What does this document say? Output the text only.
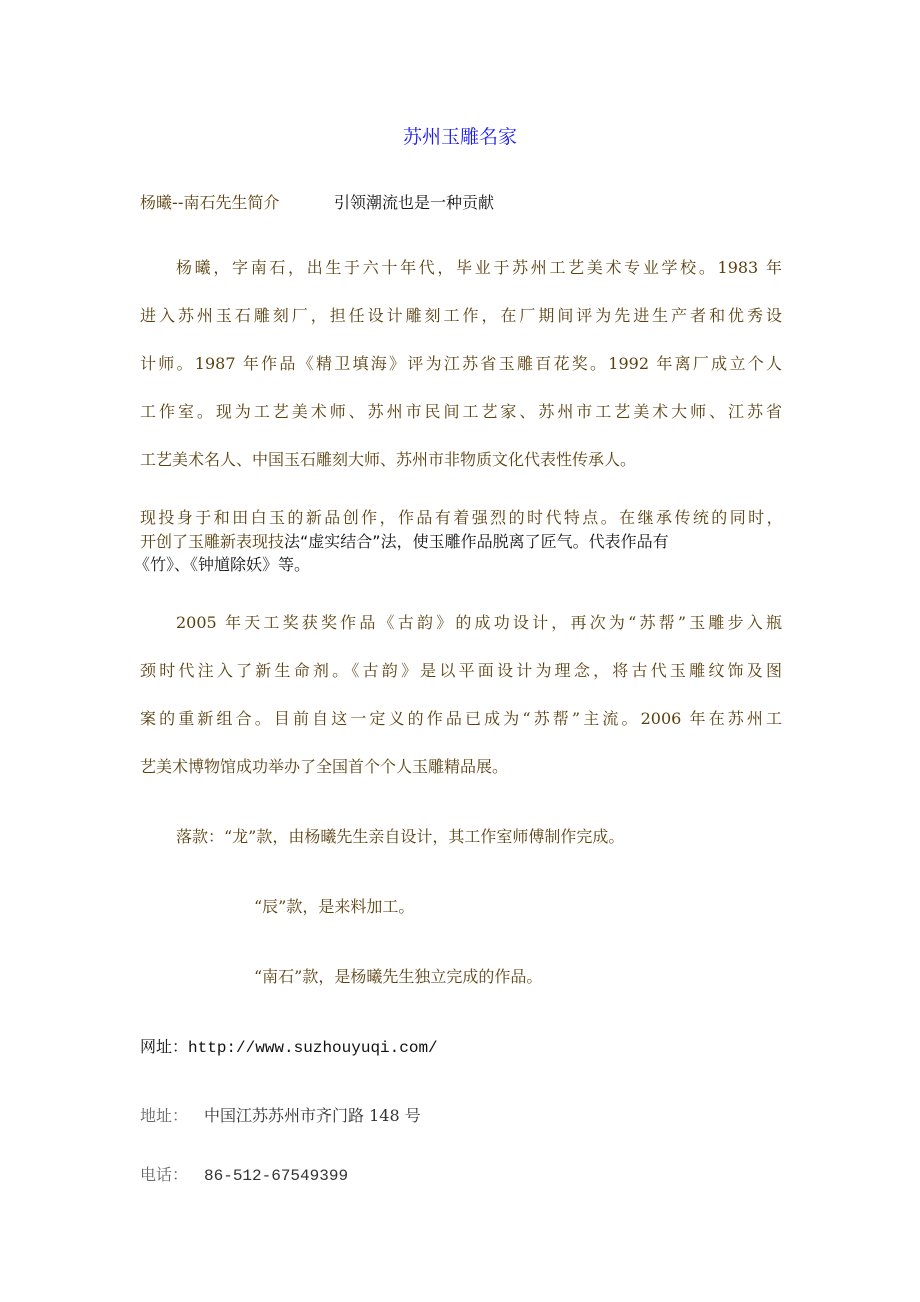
苏州玉雕名家
杨曦--南石先生简介	引领潮流也是一种贡献
杨曦，字南石，出生于六十年代，毕业于苏州工艺美术专业学校。1983 年
进入苏州玉石雕刻厂，担任设计雕刻工作，在厂期间评为先进生产者和优秀设
计师。1987 年作品《精卫填海》评为江苏省玉雕百花奖。1992 年离厂成立个人
工作室。现为工艺美术师、苏州市民间工艺家、苏州市工艺美术大师、江苏省
工艺美术名人、中国玉石雕刻大师、苏州市非物质文化代表性传承人。
现投身于和田白玉的新品创作，作品有着强烈的时代特点。在继承传统的同时，
开创了玉雕新表现技法“虚实结合”法，使玉雕作品脱离了匠气。代表作品有
《竹》、《钟馗除妖》等。
2005 年天工奖获奖作品《古韵》的成功设计，再次为“苏帮”玉雕步入瓶
颈时代注入了新生命剂。《古韵》是以平面设计为理念，将古代玉雕纹饰及图
案的重新组合。目前自这一定义的作品已成为“苏帮”主流。2006 年在苏州工
艺美术博物馆成功举办了全国首个个人玉雕精品展。
落款：“龙”款，由杨曦先生亲自设计，其工作室师傅制作完成。
“辰”款，是来料加工。
“南石”款，是杨曦先生独立完成的作品。
网址：http://www.suzhouyuqi.com/
地址： 中国江苏苏州市齐门路 148 号
电话： 86-512-67549399
